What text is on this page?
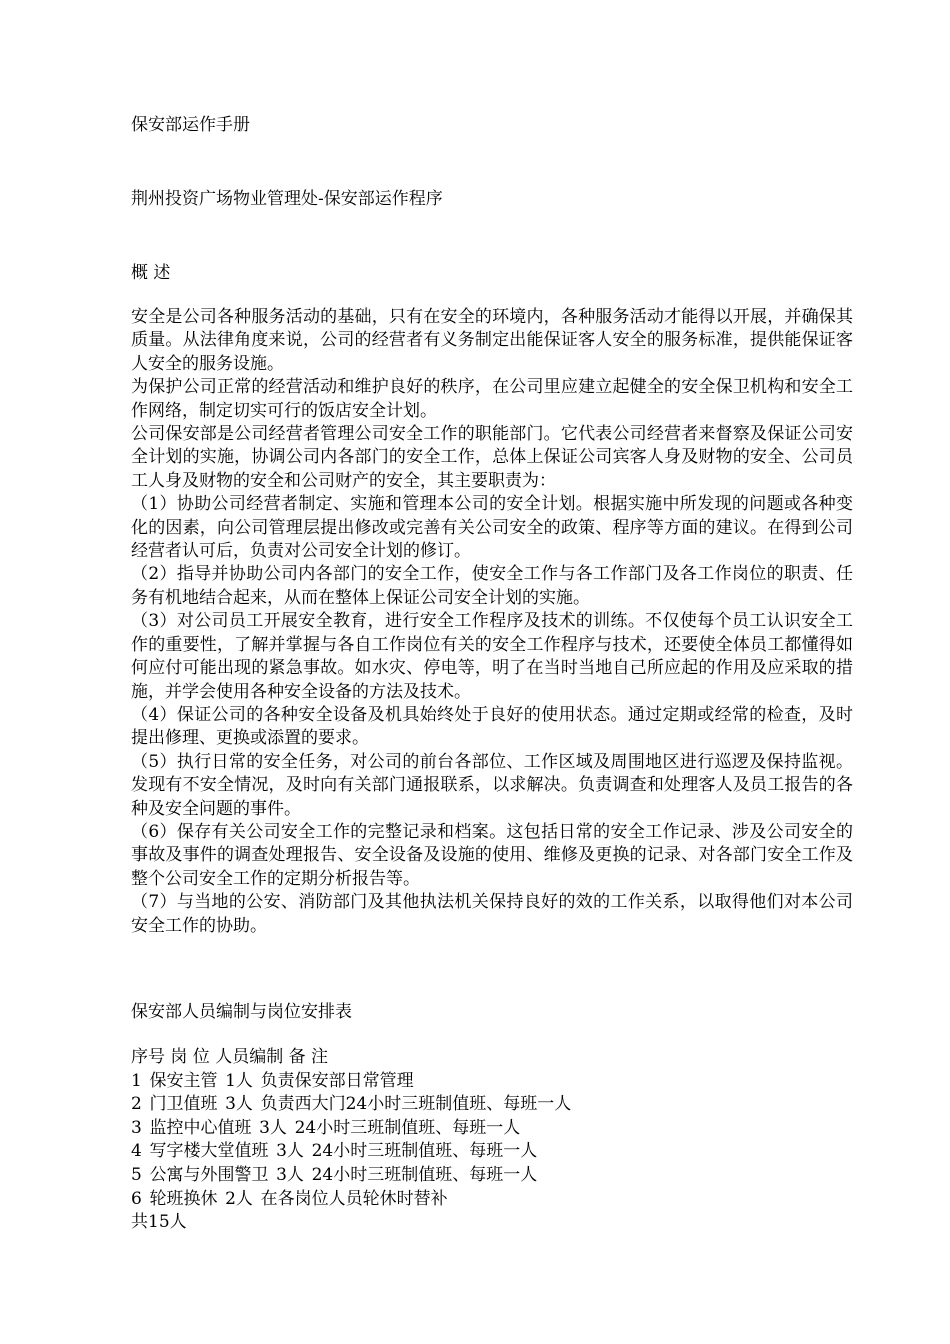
保安部运作手册
荆州投资广场物业管理处-保安部运作程序
概 述

安全是公司各种服务活动的基础，只有在安全的环境内，各种服务活动才能得以开展，并确保其质量。从法律角度来说，公司的经营者有义务制定出能保证客人安全的服务标准，提供能保证客人安全的服务设施。

为保护公司正常的经营活动和维护良好的秩序，在公司里应建立起健全的安全保卫机构和安全工作网络，制定切实可行的饭店安全计划。

公司保安部是公司经营者管理公司安全工作的职能部门。它代表公司经营者来督察及保证公司安全计划的实施，协调公司内各部门的安全工作，总体上保证公司宾客人身及财物的安全、公司员工人身及财物的安全和公司财产的安全，其主要职责为：

（1）协助公司经营者制定、实施和管理本公司的安全计划。根据实施中所发现的问题或各种变化的因素，向公司管理层提出修改或完善有关公司安全的政策、程序等方面的建议。在得到公司经营者认可后，负责对公司安全计划的修订。

（2）指导并协助公司内各部门的安全工作，使安全工作与各工作部门及各工作岗位的职责、任务有机地结合起来，从而在整体上保证公司安全计划的实施。

（3）对公司员工开展安全教育，进行安全工作程序及技术的训练。不仅使每个员工认识安全工作的重要性，了解并掌握与各自工作岗位有关的安全工作程序与技术，还要使全体员工都懂得如何应付可能出现的紧急事故。如水灾、停电等，明了在当时当地自己所应起的作用及应采取的措施，并学会使用各种安全设备的方法及技术。

（4）保证公司的各种安全设备及机具始终处于良好的使用状态。通过定期或经常的检查，及时提出修理、更换或添置的要求。

（5）执行日常的安全任务，对公司的前台各部位、工作区域及周围地区进行巡逻及保持监视。发现有不安全情况，及时向有关部门通报联系，以求解决。负责调查和处理客人及员工报告的各种及安全问题的事件。

（6）保存有关公司安全工作的完整记录和档案。这包括日常的安全工作记录、涉及公司安全的事故及事件的调查处理报告、安全设备及设施的使用、维修及更换的记录、对各部门安全工作及整个公司安全工作的定期分析报告等。

（7）与当地的公安、消防部门及其他执法机关保持良好的效的工作关系，以取得他们对本公司安全工作的协助。

保安部人员编制与岗位安排表
序号 岗 位 人员编制 备 注
1 保安主管 1人 负责保安部日常管理
2 门卫值班 3人 负责西大门24小时三班制值班、每班一人
3 监控中心值班 3人 24小时三班制值班、每班一人
4 写字楼大堂值班 3人 24小时三班制值班、每班一人
5 公寓与外围警卫 3人 24小时三班制值班、每班一人
6 轮班换休 2人 在各岗位人员轮休时替补
共15人
